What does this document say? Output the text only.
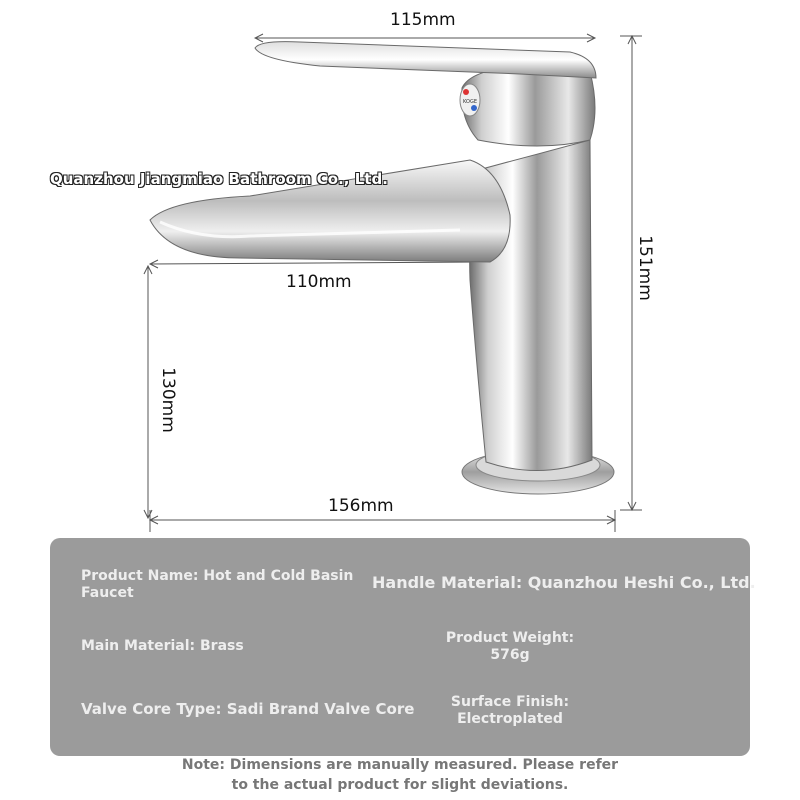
KOGE
115mm
151mm
110mm
130mm
156mm
Quanzhou Jiangmiao Bathroom Co., Ltd.
Product Name: Hot and Cold Basin Faucet
Handle Material: Quanzhou Heshi Co., Ltd.
Main Material: Brass	Product Weight:
576g
Valve Core Type: Sadi Brand Valve Core	Surface Finish:
Electroplated
Note: Dimensions are manually measured. Please refer
to the actual product for slight deviations.
